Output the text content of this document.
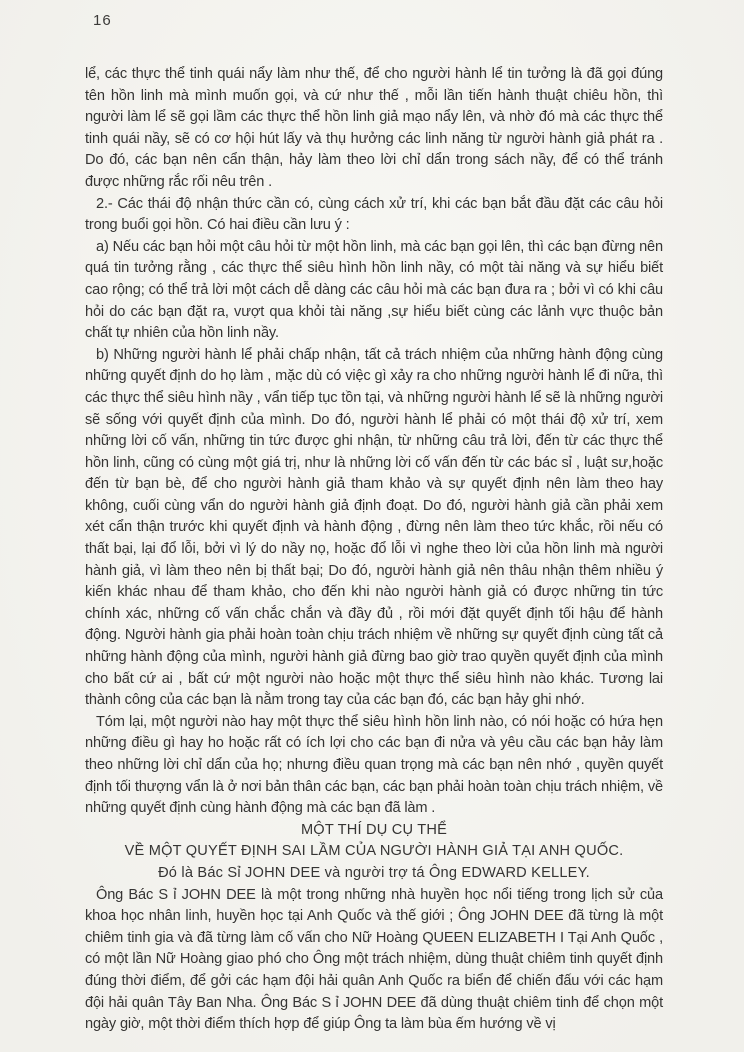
16

lể, các thực thể tinh quái nẩy làm như thế, để cho người hành lể tin tưởng là đã gọi đúng tên hồn linh mà mình muốn gọi, và cứ như thế , mỗi lần tiến hành thuật chiêu hồn, thì người làm lể sẽ gọi lầm các thực thể hồn linh giả mạo nẩy lên, và nhờ đó mà các thực thể tinh quái nầy, sẽ có cơ hội hút lấy và thụ hưởng các linh năng từ người hành giả phát ra . Do đó, các bạn nên cẩn thận, hảy làm theo lời chỉ dẩn trong sách nầy, để có thể tránh được những rắc rối nêu trên .

2.- Các thái độ nhận thức cần có, cùng cách xử trí, khi các bạn bắt đầu đặt các câu hỏi trong buổi gọi hồn. Có hai điều cần lưu ý :

a) Nếu các bạn hỏi một câu hỏi từ một hồn linh, mà các bạn gọi lên, thì các bạn đừng nên quá tin tưởng rằng , các thực thể siêu hình hồn linh nầy, có một tài năng và sự hiểu biết cao rộng; có thể trả lời một cách dễ dàng các câu hỏi mà các bạn đưa ra ; bởi vì có khi câu hỏi do các bạn đặt ra, vượt qua khỏi tài năng ,sự hiểu biết cùng các lảnh vực thuộc bản chất tự nhiên của hồn linh nầy.

b) Những người hành lể phải chấp nhận, tất cả trách nhiệm của những hành động cùng những quyết định do họ làm , mặc dù có việc gì xảy ra cho những người hành lể đi nữa, thì các thực thể siêu hình nầy , vẩn tiếp tục tồn tại, và những người hành lể sẽ là những người sẽ sống với quyết định của mình. Do đó, người hành lể phải có một thái độ xử trí, xem những lời cố vấn, những tin tức được ghi nhận, từ những câu trả lời, đến từ các thực thể hồn linh, cũng có cùng một giá trị, như là những lời cố vấn đến từ các bác sỉ , luật sư,hoặc đến từ bạn bè, để cho người hành giả tham khảo và sự quyết định nên làm theo hay không, cuối cùng vẩn do người hành giả định đoạt. Do đó, người hành giả cần phải xem xét cẩn thận trước khi quyết định và hành động , đừng nên làm theo tức khắc, rồi nếu có thất bại, lại đổ lỗi, bởi vì lý do nầy nọ, hoặc đổ lỗi vì nghe theo lời của hồn linh mà người hành giả, vì làm theo nên bị thất bại; Do đó, người hành giả nên thâu nhận thêm nhiều ý kiến khác nhau để tham khảo, cho đến khi nào người hành giả có được những tin tức chính xác, những cố vấn chắc chắn và đầy đủ , rồi mới đặt quyết định tối hậu để hành động. Người hành gia phải hoàn toàn chịu trách nhiệm về những sự quyết định cùng tất cả những hành động của mình, người hành giả đừng bao giờ trao quyền quyết định của mình cho bất cứ ai , bất cứ một người nào hoặc một thực thể siêu hình nào khác. Tương lai thành công của các bạn là nằm trong tay của các bạn đó, các bạn hảy ghi nhớ.

Tóm lại, một người nào hay một thực thể siêu hình hồn linh nào, có nói hoặc có hứa hẹn những điều gì hay ho hoặc rất có ích lợi cho các bạn đi nửa và yêu cầu các bạn hảy làm theo những lời chỉ dẩn của họ; nhưng điều quan trọng mà các bạn nên nhớ , quyền quyết định tối thượng vẩn là ở nơi bản thân các bạn, các bạn phải hoàn toàn chịu trách nhiệm, về những quyết định cùng hành động mà các bạn đã làm .

MỘT THÍ DỤ CỤ THỂ

VỀ MỘT QUYẾT ĐỊNH SAI LẦM CỦA NGƯỜI HÀNH GIẢ TẠI ANH QUỐC.

Đó là Bác Sỉ JOHN DEE và người trợ tá Ông EDWARD KELLEY.

Ông Bác S ỉ JOHN DEE là một trong những nhà huyền học nổi tiếng trong lịch sử của khoa học nhân linh, huyền học tại Anh Quốc và thế giới ; Ông JOHN DEE đã từng là một chiêm tinh gia và đã từng làm cố vấn cho Nữ Hoàng QUEEN ELIZABETH I Tại Anh Quốc , có một lần Nữ Hoàng giao phó cho Ông một trách nhiệm, dùng thuật chiêm tinh quyết định đúng thời điểm, để gởi các hạm đội hải quân Anh Quốc ra biển để chiến đấu với các hạm đội hải quân Tây Ban Nha. Ông Bác S ỉ JOHN DEE đã dùng thuật chiêm tinh để chọn một ngày giờ, một thời điểm thích hợp để giúp Ông ta làm bùa ếm hướng về vị
